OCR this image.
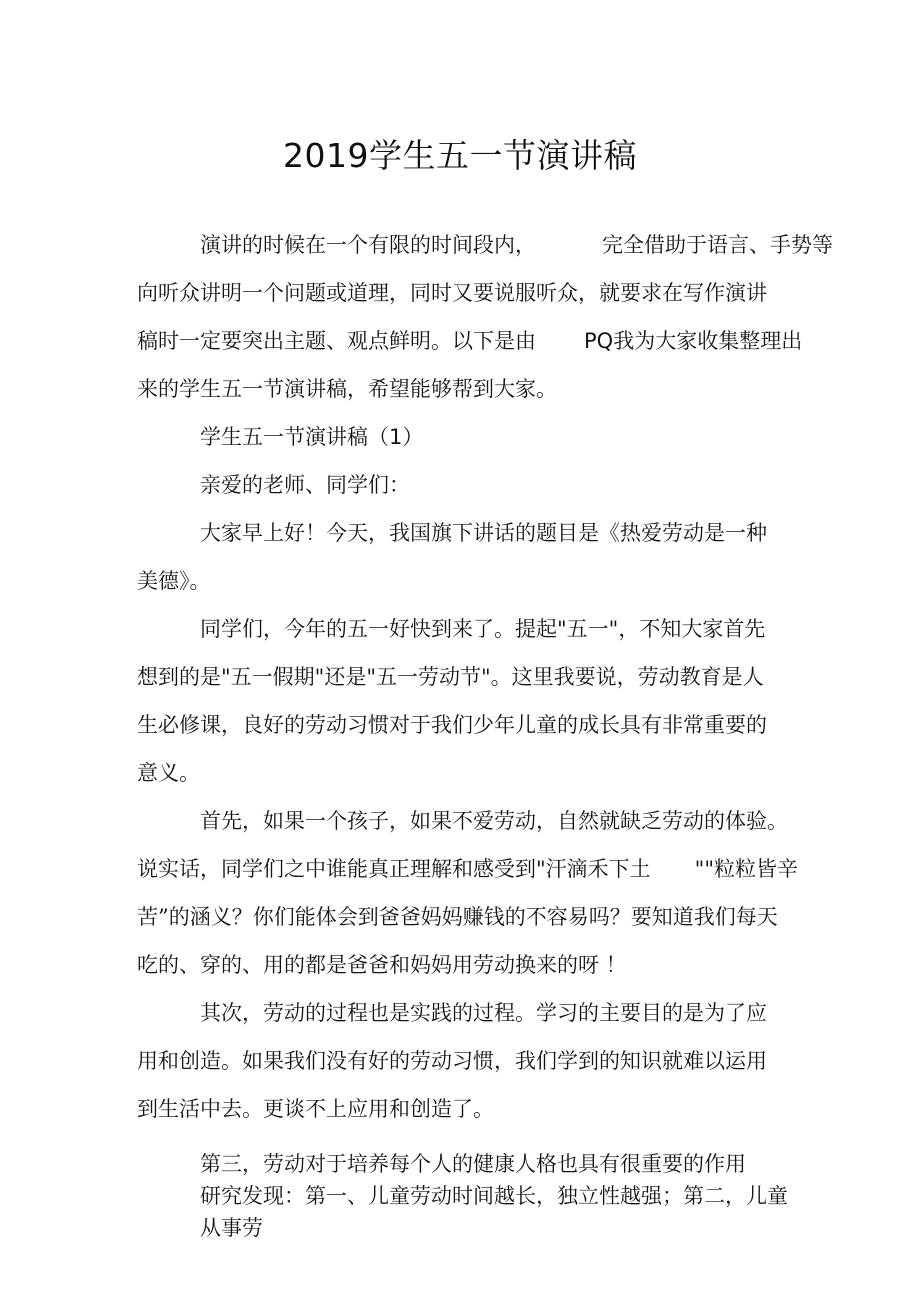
2019学生五一节演讲稿
演讲的时候在一个有限的时间段内，	完全借助于语言、手势等
向听众讲明一个问题或道理，同时又要说服听众，就要求在写作演讲
稿时一定要突出主题、观点鲜明。以下是由 PQ我为大家收集整理出
来的学生五一节演讲稿，希望能够帮到大家。
学生五一节演讲稿（1）
亲爱的老师、同学们：
大家早上好！今天，我国旗下讲话的题目是《热爱劳动是一种
美德》。
同学们，今年的五一好快到来了。提起"五一"，不知大家首先
想到的是"五一假期"还是"五一劳动节"。这里我要说，劳动教育是人
生必修课，良好的劳动习惯对于我们少年儿童的成长具有非常重要的
意义。
首先，如果一个孩子，如果不爱劳动，自然就缺乏劳动的体验。
说实话，同学们之中谁能真正理解和感受到"汗滴禾下土 ""粒粒皆辛
苦”的涵义？你们能体会到爸爸妈妈赚钱的不容易吗？要知道我们每天
吃的、穿的、用的都是爸爸和妈妈用劳动换来的呀 ！
其次，劳动的过程也是实践的过程。学习的主要目的是为了应
用和创造。如果我们没有好的劳动习惯，我们学到的知识就难以运用
到生活中去。更谈不上应用和创造了。
第三，劳动对于培养每个人的健康人格也具有很重要的作用
研究发现：第一、儿童劳动时间越长，独立性越强；第二，儿童
从事劳
